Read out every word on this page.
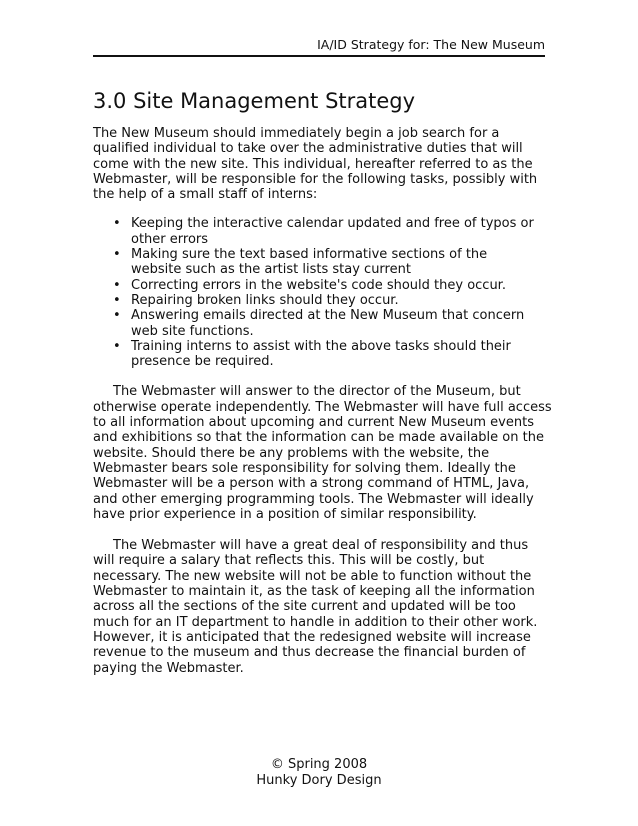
IA/ID Strategy for: The New Museum
3.0 Site Management Strategy

The New Museum should immediately begin a job search for a qualified individual to take over the administrative duties that will come with the new site. This individual, hereafter referred to as the Webmaster, will be responsible for the following tasks, possibly with the help of a small staff of interns:

• Keeping the interactive calendar updated and free of typos or other errors
• Making sure the text based informative sections of the website such as the artist lists stay current
• Correcting errors in the website's code should they occur.
• Repairing broken links should they occur.
• Answering emails directed at the New Museum that concern web site functions.
• Training interns to assist with the above tasks should their presence be required.

The Webmaster will answer to the director of the Museum, but otherwise operate independently. The Webmaster will have full access to all information about upcoming and current New Museum events and exhibitions so that the information can be made available on the website. Should there be any problems with the website, the Webmaster bears sole responsibility for solving them. Ideally the Webmaster will be a person with a strong command of HTML, Java, and other emerging programming tools. The Webmaster will ideally have prior experience in a position of similar responsibility.

The Webmaster will have a great deal of responsibility and thus will require a salary that reflects this. This will be costly, but necessary. The new website will not be able to function without the Webmaster to maintain it, as the task of keeping all the information across all the sections of the site current and updated will be too much for an IT department to handle in addition to their other work. However, it is anticipated that the redesigned website will increase revenue to the museum and thus decrease the financial burden of paying the Webmaster.

© Spring 2008
Hunky Dory Design
